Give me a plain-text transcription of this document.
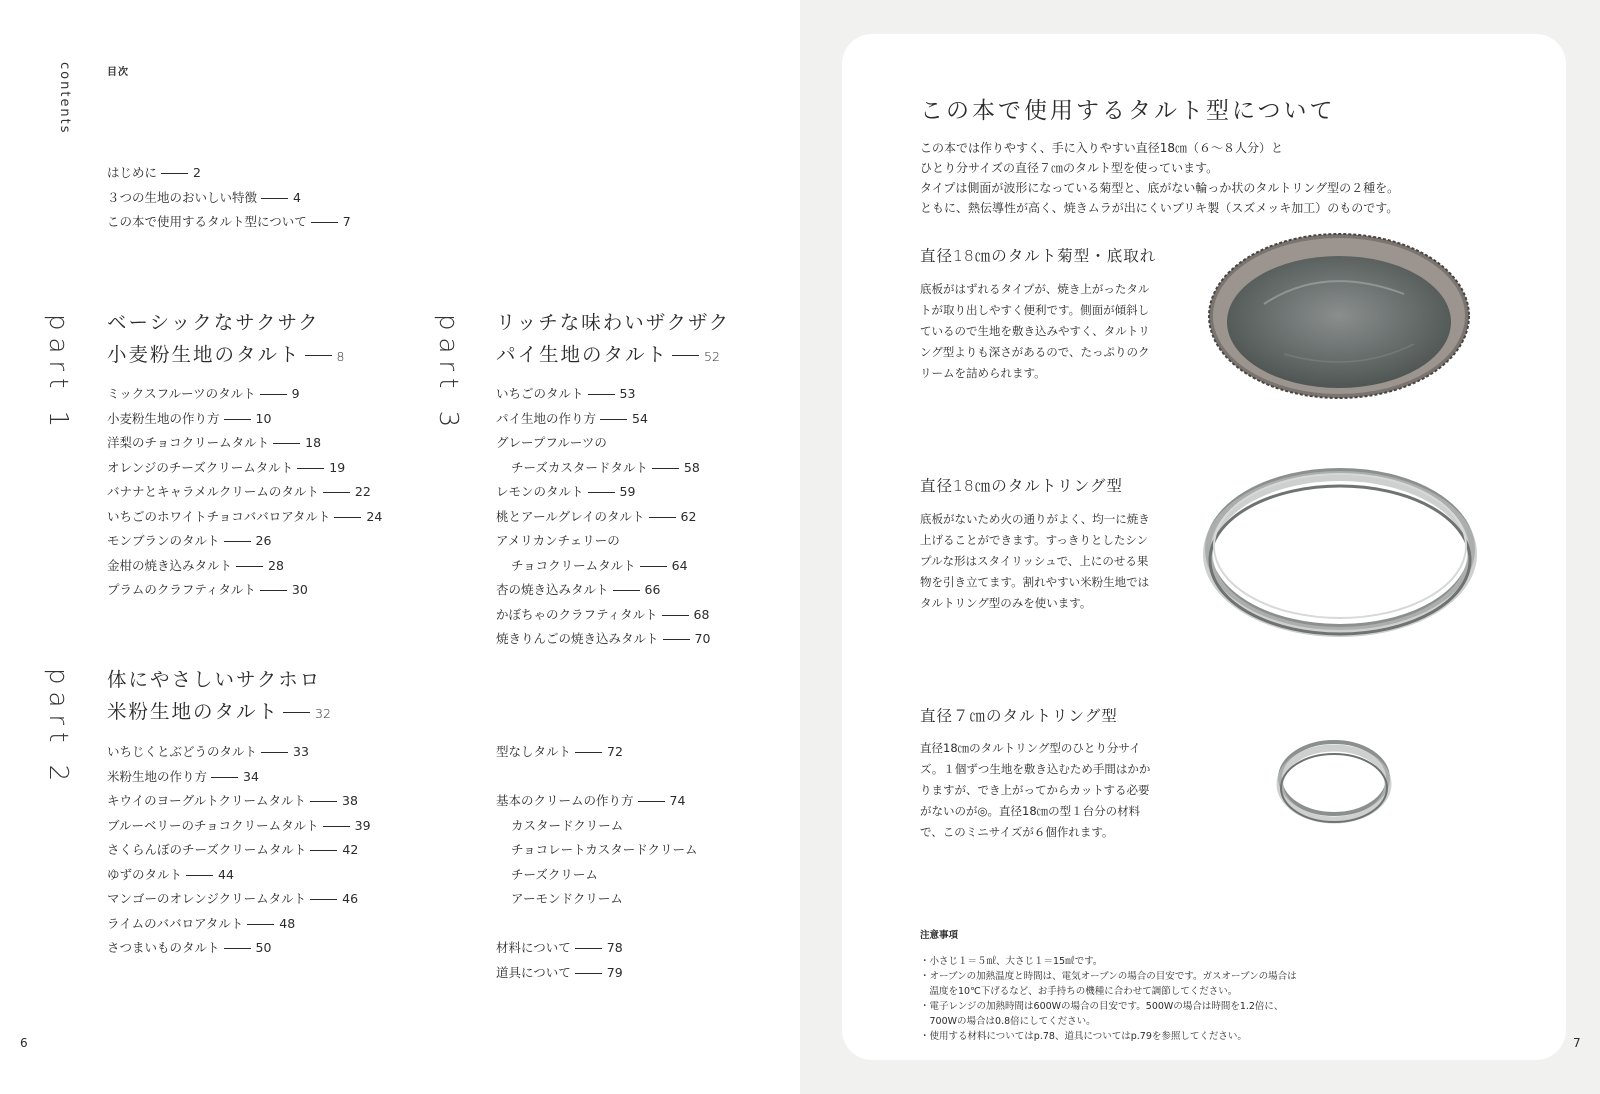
contents	目次
はじめに	2
３つの生地のおいしい特徴	4
この本で使用するタルト型について	7
part 1 ベーシックなサクサク
小麦粉生地のタルト	8
ミックスフルーツのタルト	9
小麦粉生地の作り方	10
洋梨のチョコクリームタルト	18
オレンジのチーズクリームタルト	19
バナナとキャラメルクリームのタルト	22
いちごのホワイトチョコババロアタルト	24
モンブランのタルト	26
金柑の焼き込みタルト	28
プラムのクラフティタルト	30
part 2 体にやさしいサクホロ
米粉生地のタルト	32
いちじくとぶどうのタルト	33
米粉生地の作り方	34
キウイのヨーグルトクリームタルト	38
ブルーベリーのチョコクリームタルト	39
さくらんぼのチーズクリームタルト	42
ゆずのタルト	44
マンゴーのオレンジクリームタルト	46
ライムのババロアタルト	48
さつまいものタルト	50
part 3 リッチな味わいザクザク
パイ生地のタルト	52
いちごのタルト	53
パイ生地の作り方	54
グレープフルーツの
チーズカスタードタルト	58
レモンのタルト	59
桃とアールグレイのタルト	62
アメリカンチェリーの
チョコクリームタルト	64
杏の焼き込みタルト	66
かぼちゃのクラフティタルト	68
焼きりんごの焼き込みタルト	70
型なしタルト	72
基本のクリームの作り方	74
カスタードクリーム
チョコレートカスタードクリーム
チーズクリーム
アーモンドクリーム
材料について	78
道具について	79
6
この本で使用するタルト型について

この本では作りやすく、手に入りやすい直径18㎝（６～８人分）と

ひとり分サイズの直径７㎝のタルト型を使っています。

タイプは側面が波形になっている菊型と、底がない輪っか状のタルトリング型の２種を。

ともに、熱伝導性が高く、焼きムラが出にくいブリキ製（スズメッキ加工）のものです。

直径18㎝のタルト菊型・底取れ
底板がはずれるタイプが、焼き上がったタル
トが取り出しやすく便利です。側面が傾斜し
ているので生地を敷き込みやすく、タルトリ
ング型よりも深さがあるので、たっぷりのク
リームを詰められます。
直径18㎝のタルトリング型
底板がないため火の通りがよく、均一に焼き
上げることができます。すっきりとしたシン
プルな形はスタイリッシュで、上にのせる果
物を引き立てます。割れやすい米粉生地では
タルトリング型のみを使います。
直径７㎝のタルトリング型
直径18㎝のタルトリング型のひとり分サイ
ズ。１個ずつ生地を敷き込むため手間はかか
りますが、でき上がってからカットする必要
がないのが◎。直径18㎝の型１台分の材料
で、このミニサイズが６個作れます。
注意事項
・小さじ１＝５㎖、大さじ１＝15㎖です。
・オーブンの加熱温度と時間は、電気オーブンの場合の目安です。ガスオーブンの場合は
　温度を10℃下げるなど、お手持ちの機種に合わせて調節してください。
・電子レンジの加熱時間は600Wの場合の目安です。500Wの場合は時間を1.2倍に、
　700Wの場合は0.8倍にしてください。
・使用する材料についてはp.78、道具についてはp.79を参照してください。	7
